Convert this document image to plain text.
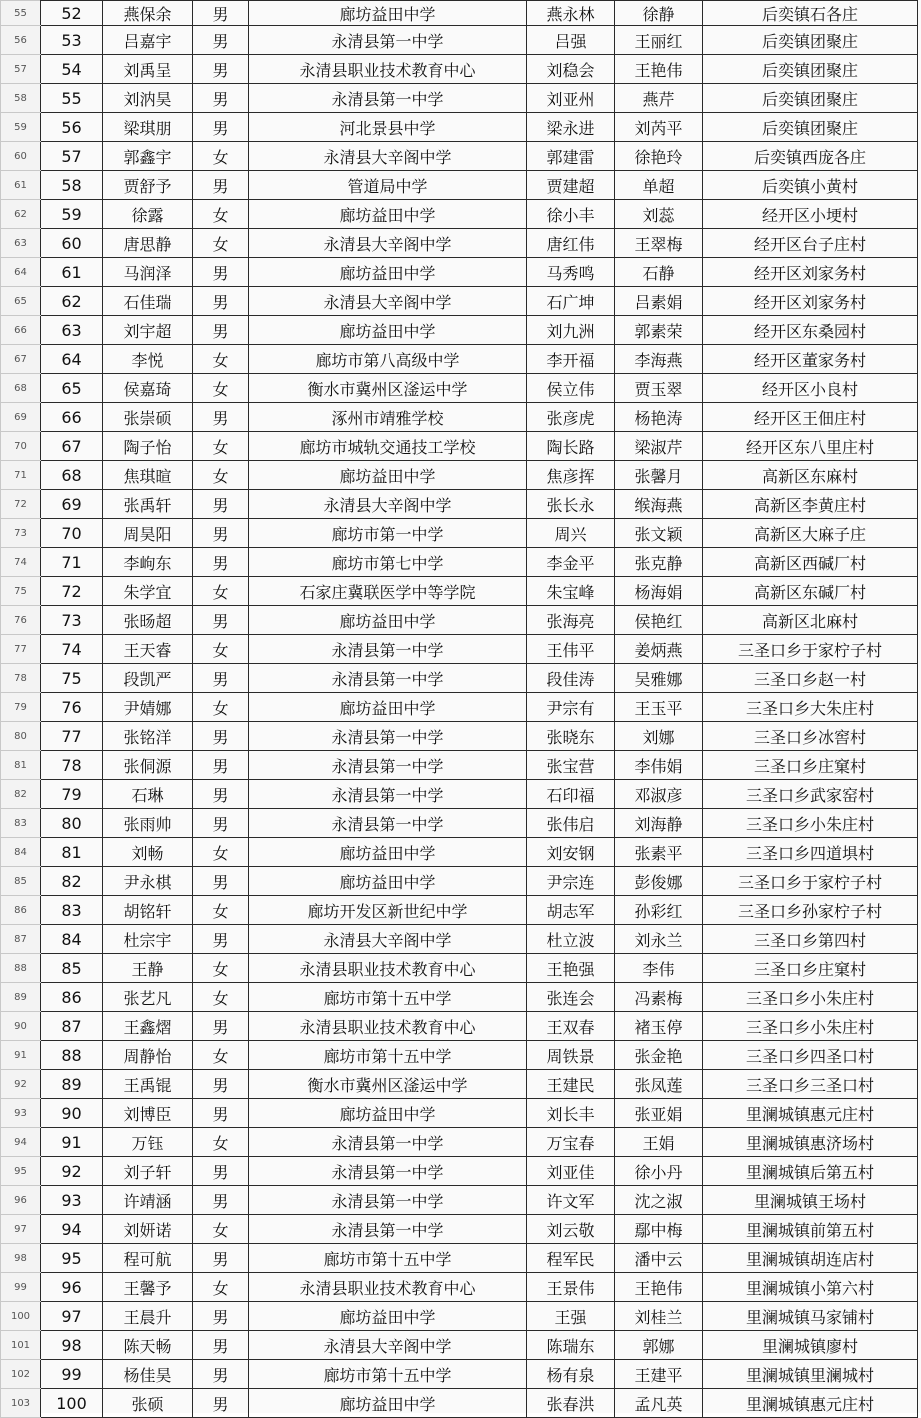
55	52	燕保余	男	廊坊益田中学	燕永林	徐静	后奕镇石各庄
56	53	吕嘉宇	男	永清县第一中学	吕强	王丽红	后奕镇团聚庄
57	54	刘禹呈	男	永清县职业技术教育中心	刘稳会	王艳伟	后奕镇团聚庄
58	55	刘汭昊	男	永清县第一中学	刘亚州	燕芹	后奕镇团聚庄
59	56	梁琪朋	男	河北景县中学	梁永进	刘芮平	后奕镇团聚庄
60	57	郭鑫宇	女	永清县大辛阁中学	郭建雷	徐艳玲	后奕镇西庞各庄
61	58	贾舒予	男	管道局中学	贾建超	单超	后奕镇小黄村
62	59	徐露	女	廊坊益田中学	徐小丰	刘蕊	经开区小埂村
63	60	唐思静	女	永清县大辛阁中学	唐红伟	王翠梅	经开区台子庄村
64	61	马润泽	男	廊坊益田中学	马秀鸣	石静	经开区刘家务村
65	62	石佳瑞	男	永清县大辛阁中学	石广坤	吕素娟	经开区刘家务村
66	63	刘宇超	男	廊坊益田中学	刘九洲	郭素荣	经开区东桑园村
67	64	李悦	女	廊坊市第八高级中学	李开福	李海燕	经开区董家务村
68	65	侯嘉琦	女	衡水市冀州区滏运中学	侯立伟	贾玉翠	经开区小良村
69	66	张崇硕	男	涿州市靖雅学校	张彦虎	杨艳涛	经开区王佃庄村
70	67	陶子怡	女	廊坊市城轨交通技工学校	陶长路	梁淑芹	经开区东八里庄村
71	68	焦琪暄	女	廊坊益田中学	焦彦挥	张馨月	高新区东麻村
72	69	张禹轩	男	永清县大辛阁中学	张长永	缑海燕	高新区李黄庄村
73	70	周昊阳	男	廊坊市第一中学	周兴	张文颖	高新区大麻子庄
74	71	李岣东	男	廊坊市第七中学	李金平	张克静	高新区西碱厂村
75	72	朱学宜	女	石家庄冀联医学中等学院	朱宝峰	杨海娟	高新区东碱厂村
76	73	张旸超	男	廊坊益田中学	张海亮	侯艳红	高新区北麻村
77	74	王天睿	女	永清县第一中学	王伟平	姜炳燕	三圣口乡于家柠子村
78	75	段凯严	男	永清县第一中学	段佳涛	吴雅娜	三圣口乡赵一村
79	76	尹婧娜	女	廊坊益田中学	尹宗有	王玉平	三圣口乡大朱庄村
80	77	张铭洋	男	永清县第一中学	张晓东	刘娜	三圣口乡冰窖村
81	78	张侗源	男	永清县第一中学	张宝营	李伟娟	三圣口乡庄窠村
82	79	石琳	男	永清县第一中学	石印福	邓淑彦	三圣口乡武家窑村
83	80	张雨帅	男	永清县第一中学	张伟启	刘海静	三圣口乡小朱庄村
84	81	刘畅	女	廊坊益田中学	刘安钢	张素平	三圣口乡四道埧村
85	82	尹永棋	男	廊坊益田中学	尹宗连	彭俊娜	三圣口乡于家柠子村
86	83	胡铭轩	女	廊坊开发区新世纪中学	胡志军	孙彩红	三圣口乡孙家柠子村
87	84	杜宗宇	男	永清县大辛阁中学	杜立波	刘永兰	三圣口乡第四村
88	85	王静	女	永清县职业技术教育中心	王艳强	李伟	三圣口乡庄窠村
89	86	张艺凡	女	廊坊市第十五中学	张连会	冯素梅	三圣口乡小朱庄村
90	87	王鑫熠	男	永清县职业技术教育中心	王双春	褚玉停	三圣口乡小朱庄村
91	88	周静怡	女	廊坊市第十五中学	周铁景	张金艳	三圣口乡四圣口村
92	89	王禹锟	男	衡水市冀州区滏运中学	王建民	张凤莲	三圣口乡三圣口村
93	90	刘博臣	男	廊坊益田中学	刘长丰	张亚娟	里澜城镇惠元庄村
94	91	万钰	女	永清县第一中学	万宝春	王娟	里澜城镇惠济场村
95	92	刘子轩	男	永清县第一中学	刘亚佳	徐小丹	里澜城镇后第五村
96	93	许靖涵	男	永清县第一中学	许文军	沈之淑	里澜城镇王场村
97	94	刘妍诺	女	永清县第一中学	刘云敬	鄢中梅	里澜城镇前第五村
98	95	程可航	男	廊坊市第十五中学	程军民	潘中云	里澜城镇胡连店村
99	96	王馨予	女	永清县职业技术教育中心	王景伟	王艳伟	里澜城镇小第六村
100	97	王晨升	男	廊坊益田中学	王强	刘桂兰	里澜城镇马家铺村
101	98	陈天畅	男	永清县大辛阁中学	陈瑞东	郭娜	里澜城镇廖村
102	99	杨佳昊	男	廊坊市第十五中学	杨有泉	王建平	里澜城镇里澜城村
103	100	张硕	男	廊坊益田中学	张春洪	孟凡英	里澜城镇惠元庄村
